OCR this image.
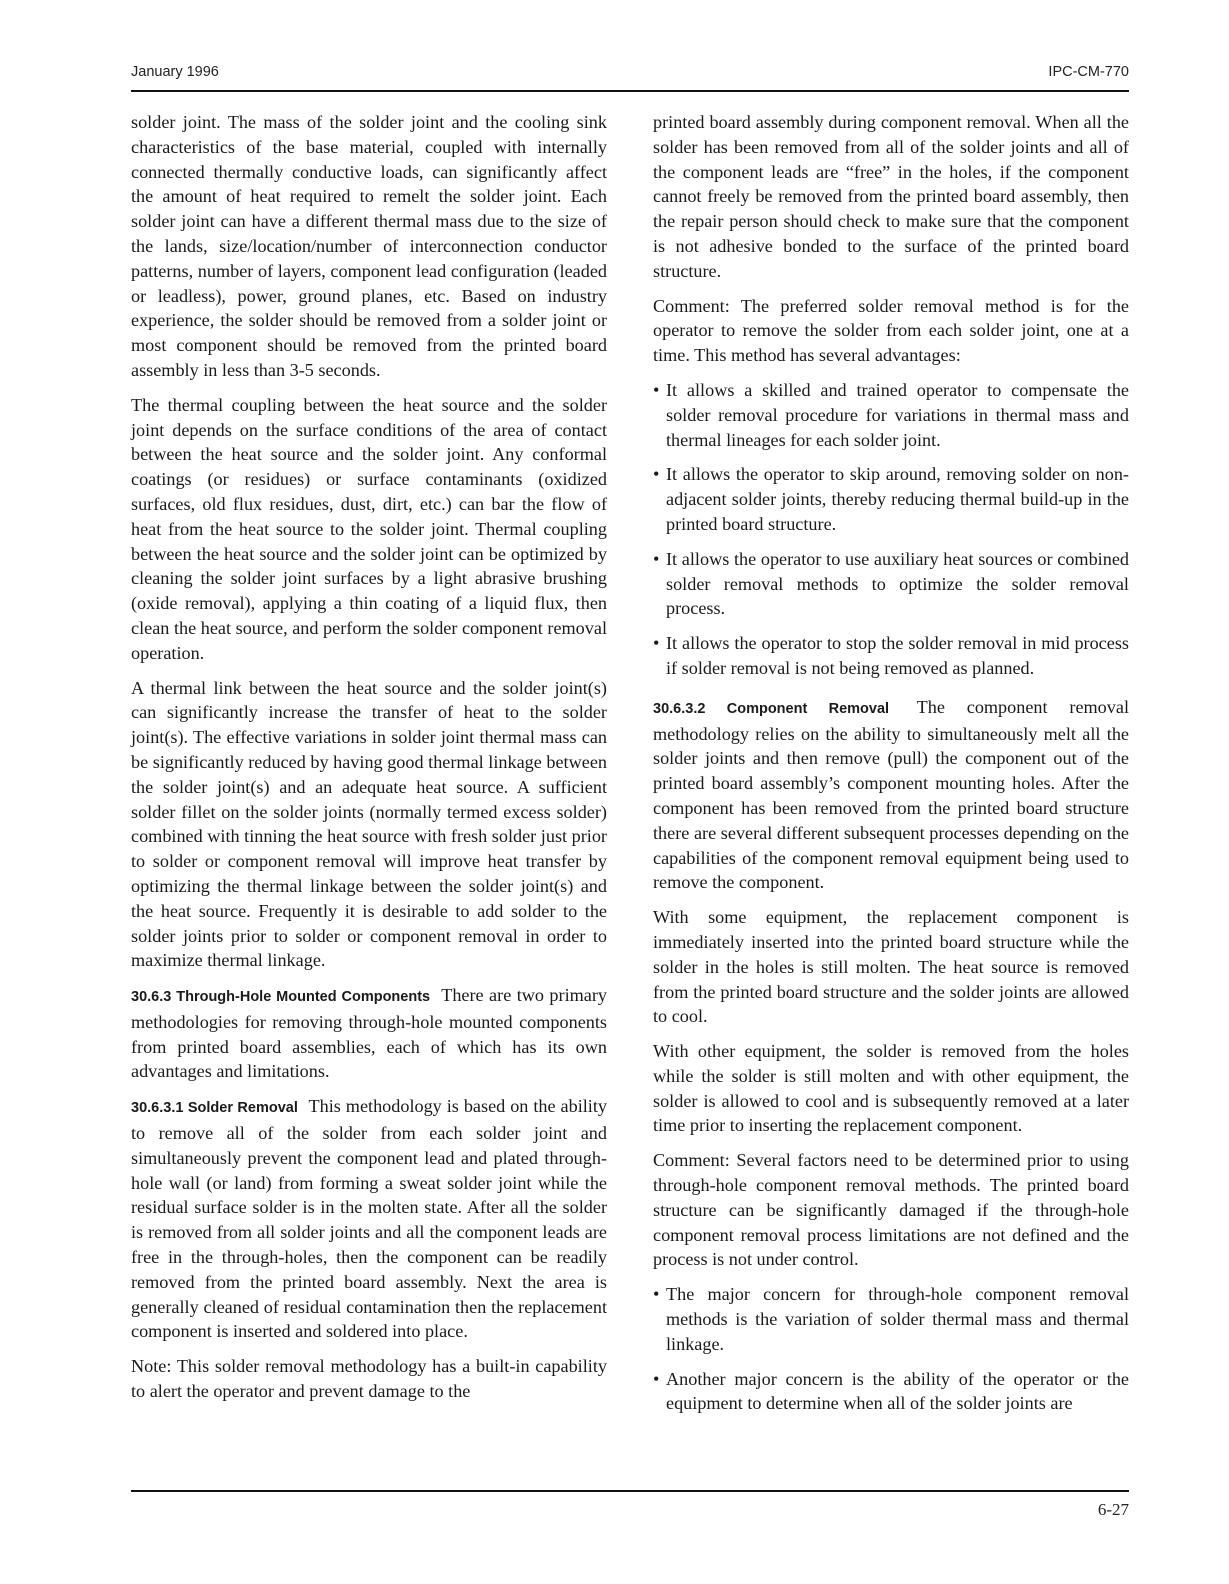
January 1996	IPC-CM-770

solder joint. The mass of the solder joint and the cooling sink characteristics of the base material, coupled with internally connected thermally conductive loads, can significantly affect the amount of heat required to remelt the solder joint. Each solder joint can have a different thermal mass due to the size of the lands, size/location/number of interconnection conductor patterns, number of layers, component lead configuration (leaded or leadless), power, ground planes, etc. Based on industry experience, the solder should be removed from a solder joint or most component should be removed from the printed board assembly in less than 3-5 seconds.

The thermal coupling between the heat source and the solder joint depends on the surface conditions of the area of contact between the heat source and the solder joint. Any conformal coatings (or residues) or surface contaminants (oxidized surfaces, old flux residues, dust, dirt, etc.) can bar the flow of heat from the heat source to the solder joint. Thermal coupling between the heat source and the solder joint can be optimized by cleaning the solder joint surfaces by a light abrasive brushing (oxide removal), applying a thin coating of a liquid flux, then clean the heat source, and perform the solder component removal operation.

A thermal link between the heat source and the solder joint(s) can significantly increase the transfer of heat to the solder joint(s). The effective variations in solder joint thermal mass can be significantly reduced by having good thermal linkage between the solder joint(s) and an adequate heat source. A sufficient solder fillet on the solder joints (normally termed excess solder) combined with tinning the heat source with fresh solder just prior to solder or component removal will improve heat transfer by optimizing the thermal linkage between the solder joint(s) and the heat source. Frequently it is desirable to add solder to the solder joints prior to solder or component removal in order to maximize thermal linkage.

30.6.3 Through-Hole Mounted Components There are two primary methodologies for removing through-hole mounted components from printed board assemblies, each of which has its own advantages and limitations.

30.6.3.1 Solder Removal This methodology is based on the ability to remove all of the solder from each solder joint and simultaneously prevent the component lead and plated through-hole wall (or land) from forming a sweat solder joint while the residual surface solder is in the molten state. After all the solder is removed from all solder joints and all the component leads are free in the through-holes, then the component can be readily removed from the printed board assembly. Next the area is generally cleaned of residual contamination then the replacement component is inserted and soldered into place.

Note: This solder removal methodology has a built-in capability to alert the operator and prevent damage to the

printed board assembly during component removal. When all the solder has been removed from all of the solder joints and all of the component leads are “free” in the holes, if the component cannot freely be removed from the printed board assembly, then the repair person should check to make sure that the component is not adhesive bonded to the surface of the printed board structure.

Comment: The preferred solder removal method is for the operator to remove the solder from each solder joint, one at a time. This method has several advantages:

• It allows a skilled and trained operator to compensate the solder removal procedure for variations in thermal mass and thermal lineages for each solder joint.
• It allows the operator to skip around, removing solder on non-adjacent solder joints, thereby reducing thermal build-up in the printed board structure.
• It allows the operator to use auxiliary heat sources or combined solder removal methods to optimize the solder removal process.
• It allows the operator to stop the solder removal in mid process if solder removal is not being removed as planned.

30.6.3.2 Component Removal The component removal methodology relies on the ability to simultaneously melt all the solder joints and then remove (pull) the component out of the printed board assembly’s component mounting holes. After the component has been removed from the printed board structure there are several different subsequent processes depending on the capabilities of the component removal equipment being used to remove the component.

With some equipment, the replacement component is immediately inserted into the printed board structure while the solder in the holes is still molten. The heat source is removed from the printed board structure and the solder joints are allowed to cool.

With other equipment, the solder is removed from the holes while the solder is still molten and with other equipment, the solder is allowed to cool and is subsequently removed at a later time prior to inserting the replacement component.

Comment: Several factors need to be determined prior to using through-hole component removal methods. The printed board structure can be significantly damaged if the through-hole component removal process limitations are not defined and the process is not under control.

• The major concern for through-hole component removal methods is the variation of solder thermal mass and thermal linkage.
• Another major concern is the ability of the operator or the equipment to determine when all of the solder joints are
6-27
